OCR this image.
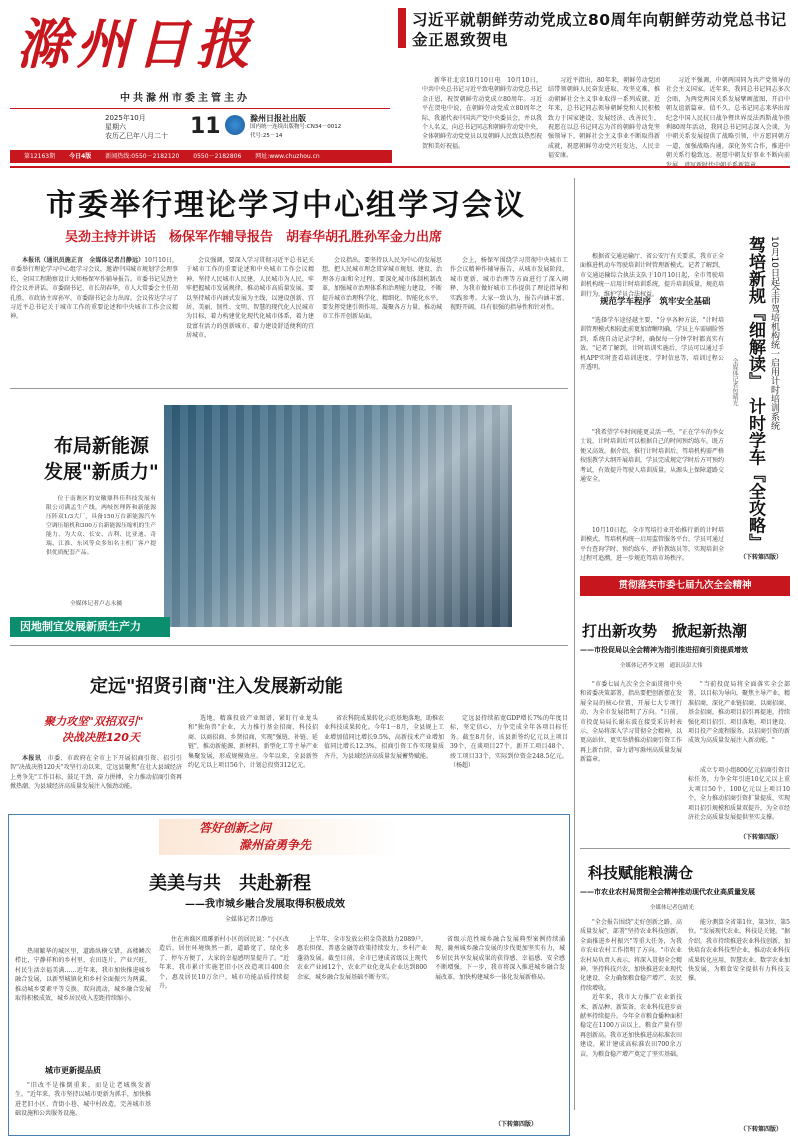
滁州日报
中共滁州市委主管主办
2025年10月
星期六
农历乙巳年八月二十 11	滁州日报社出版
国内统一连续出版物号:CN34－0012
代号:25－14
第12163期 今日4版 新闻热线:0550－2182120 0550－2182806 网址:www.chuzhou.cn
习近平就朝鲜劳动党成立80周年向朝鲜劳动党总书记金正恩致贺电

新华社北京10月10日电　10月10日，中共中央总书记习近平致电朝鲜劳动党总书记金正恩，祝贺朝鲜劳动党成立80周年。习近平在贺电中说，在朝鲜劳动党成立80周年之际，我谨代表中国共产党中央委员会，并以我个人名义，向总书记同志和朝鲜劳动党中央，全体朝鲜劳动党党员以及朝鲜人民致以热烈祝贺和美好祝福。

习近平指出，80年来，朝鲜劳动党团结带领朝鲜人民奋发进取、攻坚克难，推动朝鲜社会主义事业取得一系列成就。近年来，总书记同志领导朝鲜党和人民积极致力于国家建设、发展经济、改善民生，祝愿在以总书记同志为首的朝鲜劳动党坚强领导下，朝鲜社会主义事业不断取得新成就，祝愿朝鲜劳动党兴旺发达，人民幸福安康。

习近平强调，中朝两国同为共产党领导的社会主义国家。近年来，我同总书记同志多次会晤，为两党两国关系发展擘画蓝图，开启中朝友谊新篇章。值不久，总书记同志来华出席纪念中国人民抗日战争暨世界反法西斯战争胜利80周年活动，我同总书记同志深入会谈，为中朝关系发展提供了战略引领，中方愿同朝方一道，加强战略沟通，深化务实合作，推进中朝关系行稳致远。祝愿中朝友好事业不断向前

市委举行理论学习中心组学习会议
吴劲主持并讲话　杨保军作辅导报告　胡春华胡孔胜孙军金力出席

本报讯（通讯员施正言　全媒体记者吕静远）10月10日，市委举行理论学习中心组学习会议，邀请中国城市规划学会理事长、全国工程勘察设计大师杨保军作辅导报告。市委书记吴劲主持会议并讲话。市委副书记、市长胡春华，市人大常委会主任胡孔胜，市政协主席孙军，市委副书记金力出席。会议传达学习了习近平总书记关于城市工作的重要论述和中央城市工作会议精神。

会议强调，要深入学习贯彻习近平总书记关于城市工作的重要论述和中央城市工作会议精神，坚持人民城市人民建，人民城市为人民，牢牢把握城市发展规律，推动城市高质量发展。要以坚持城市内涵式发展为主线，以建设创新、宜居、美丽、韧性、文明、智慧的现代化人民城市为目标，着力构建优化现代化城市体系，着力建设富有活力的创新城市、着力建设舒适便利的宜居城市。

会议指出，要坚持以人民为中心的发展思想，把人民城市理念贯穿城市规划、建设、治理各方面和全过程。要深化城市体制机制改革，加强城市治理体系和治理能力建设，不断提升城市治理科学化、精细化、智能化水平。要发挥党建引领作用，凝聚各方力量，推动城市工作开创新局面。

会上，杨保军围绕学习贯彻中央城市工作会议精神作辅导报告，从城市发展阶段、城市更新、城市治理等方面进行了深入阐释，为我市做好城市工作提供了理论指导和实践参考。大家一致认为，报告内涵丰富、视野开阔，具有很强的指导性和针对性。

布局新能源
发展"新质力"

位于南谯区的安徽鼎科佳科技发展有限公司满孟生产线，两岐医理阵和新能源压阵双1/3大厂，具备150万台新能源汽车空调压缩机和300万台新能源压缩机的生产能力，为大众、长安、吉利、比亚迪、奇瑞、江淮、东风等众多知名主机厂客户提供优质配套产品。

全媒体记者卢志永摄
因地制宜发展新质生产力
定远"招贤引商"注入发展新动能
聚力攻坚"双招双引"
决战决胜120天

本报讯　 市委、市政府在全市上下开展招商引资、招引引智"决战决胜120天"攻坚行动以来，定远县聚焦"在壮大县域经济上勇争先"工作目标，鼓足干劲、奋力拼搏，全力推动招商引资再掀热潮，为县域经济高质量发展注入强劲动能。

选地，精准投放产业图谱，紧盯行业龙头和"独角兽"企业，大力推行基金招商、科技招商、以商招商、乡贤招商，实现"强链、补链、延链"，推动新能源、新材料、新型化工等主导产业集聚发展，形成规模效应。今年以来，全县新签约亿元以上项目56个，计划总投资312亿元。

省农科院成果转化示范基地落地，助推农业科技成果转化。今年1－8月，全县规上工业增加值同比增长9.5%，高新技术产业增加值同比增长12.3%，招商引资工作实现量质齐升，为县域经济高质量发展蓄势赋能。

定远县持续拓宽GDP增长7%的年度目标，坚定信心，力争完成全年各项目标任务。截至8月份，该县新签约亿元以上项目39个，在谈项目27个，新开工项目48个，竣工项目33个，实际到位资金248.5亿元。（杨超）

答好创新之问
滁州奋勇争先
美美与共　共赴新程
——我市城乡融合发展取得积极成效
全媒体记者吕静远

热闹繁华的城区里，道路纵横交错，高楼鳞次栉比，宁静祥和的乡村里，农田连片，产业兴旺，村民生活幸福美满……近年来，我市加快推进城乡融合发展，以新型城镇化和乡村全面振兴为两翼，推动城乡要素平等交换、双向流动，城乡融合发展取得积极成效，城乡居民收入差距持续缩小。

城市更新提品质

"旧改不是推倒重来，而是让老城焕发新生。"近年来，我市坚持以城市更新为抓手，加快推进老旧小区、背街小巷、城中村改造，完善城市基础设施和公共服务设施。

住在南谯区琅琊新村小区的居民说："小区改造后，居住环境焕然一新，道路宽了、绿化多了、停车方便了，大家的幸福感明显提升了。"近年来，我市累计实施老旧小区改造项目400余个，惠及居民10万余户，城市功能品质持续提升。

上半年，全市发放公积金贷款助力2089户，惠农担保、普惠金融等政策持续发力，乡村产业蓬勃发展。截至目前，全市已建成省级以上现代农业产业园12个，农业产业化龙头企业达到800余家，城乡融合发展基础不断夯实。

省级示范性城乡融合发展典型案例持续涌现，滁州城乡融合发展的步伐更加坚实有力，城乡居民共享发展成果的获得感、幸福感、安全感不断增强。下一步，我市将深入推进城乡融合发展改革，加快构建城乡一体化发展新格局。

（下转第四版）

根据省交通运输厅、省公安厅有关要求，我市正全面推进机动车驾驶培训计时管理新模式。记者了解到，市交通运输综合执法支队于10月10日起，全市驾驶培训机构统一启用计时培训系统，提升培训质量，规范培训行为，维护学员合法权益。

规范学车程序　筑牢安全基础

"选择学车途径越主要，"分享各种方法，"计时培训管理模式相较此前更加清晰明确，学员上车需刷脸签到，系统自动记录学时，确保每一分钟学时都真实有效。"记者了解到，计时培训实施后，学员可以通过手机APP实时查看培训进度、学时信息等，培训过程公开透明。

"我希望学车时间能更灵活一些，"正在学车的李女士说，计时培训后可以根据自己的时间预约练车，既方便又高效。据介绍，推行计时培训后，驾培机构需严格按照教学大纲开展培训，学员完成规定学时后方可预约考试，有效提升驾驶人培训质量，从源头上保障道路交通安全。

10月10日起，全市驾培行业开始推行新的计时培训模式，驾培机构统一启用监管服务平台，学员可通过平台查询学时、预约练车、评价教练员等，实现培训全过程可追溯，进一步规范驾培市场秩序。

驾培新规『细解读』　计时学车『全攻略』 10月10日起全市驾培机构统一启用计时培训系统
全媒体记者包晴光
（下转第四版）
贯彻落实市委七届九次全会精神
打出新攻势　掀起新热潮
——市投促局以全会精神为指引推进招商引资提质增效
全媒体记者李文刚　通讯员彭大伟

"市委七届九次全会全面贯彻中央和省委决策部署，指出要把创新摆在发展全局的核心位置，开展七大专项行动，为全市发展指明了方向。"日前，市投促局局长谢东波在接受采访时表示，全局将深入学习贯彻全会精神，以更高站位、更实举措推动招商引资工作再上新台阶，奋力谱写滁州高质量发展新篇章。

"当前投促局将全面落实全会部署，以目标为导向，聚焦主导产业，精准招商，深化产业链招商、以商招商、基金招商，推动项目招引再提速，持续强化项目招引、项目落地、项目建设、项目投产全流程服务，以招商引资的新成效为高质量发展注入新动能。"

成立专项小组800亿元招商引资目标任务，力争全年引进10亿元以上重大项目50个、100亿元以上项目10个，全力推动招商引资扩量提质，实现项目招引规模和质量双提升，为全市经济社会高质量发展提供坚实支撑。

（下转第四版）
科技赋能粮满仓
——市农业农村局贯彻全会精神推动现代农业高质量发展
全媒体记者包晴光

"全会报告围绕"走好创新之路，高质量发展"，部署"坚持农业科技创新，全面推进乡村振兴"等重大任务，为我市农业农村工作指明了方向。"市农业农村局负责人表示，将深入贯彻全会精神，坚持科技兴农，加快推进农业现代化建设，全力确保粮食稳产增产、农民持续增收。

近年来，我市大力推广农业新技术、新品种、新装备，农业科技进步贡献率持续提升。今年全市粮食播种面积稳定在1100万亩以上，粮食产量有望再创新高。我市还加快推进高标准农田建设，累计建成高标准农田700余万亩，为粮食稳产增产奠定了坚实基础。

能分测算全省第1位，第3位、第5位。"发展现代农业，科技是关键。"据介绍，我市持续推进农业科技创新，加快培育农业科技型企业，推动农业科技成果转化应用，智慧农业、数字农业加快发展，为粮食安全提供有力科技支撑。

（下转第四版）
